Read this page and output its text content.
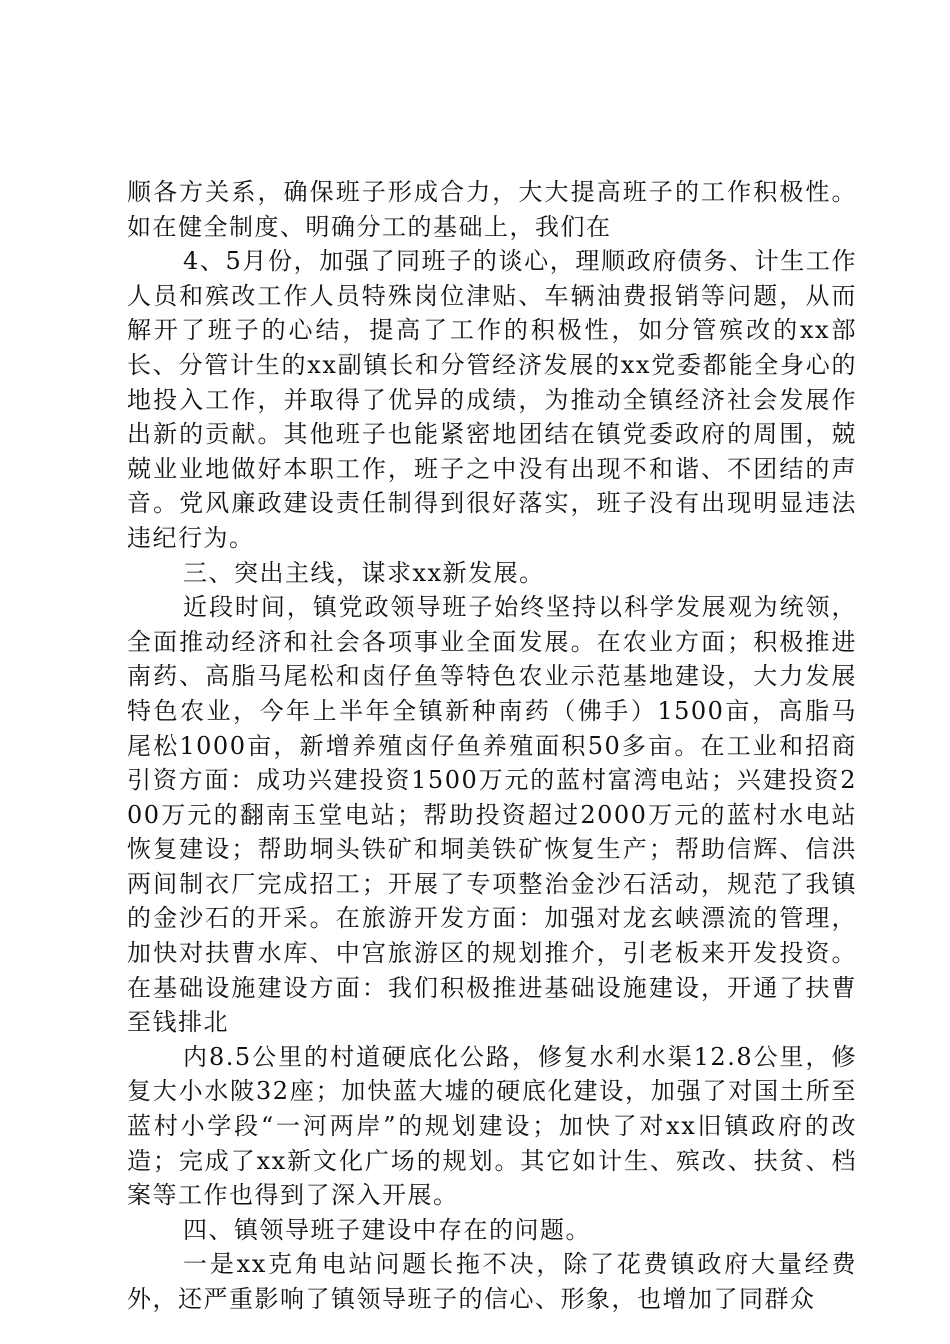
顺各方关系，确保班子形成合力，大大提高班子的工作积极性。如在健全制度、明确分工的基础上，我们在

4、5月份，加强了同班子的谈心，理顺政府债务、计生工作人员和殡改工作人员特殊岗位津贴、车辆油费报销等问题，从而解开了班子的心结，提高了工作的积极性，如分管殡改的xx部长、分管计生的xx副镇长和分管经济发展的xx党委都能全身心的地投入工作，并取得了优异的成绩，为推动全镇经济社会发展作出新的贡献。其他班子也能紧密地团结在镇党委政府的周围，兢兢业业地做好本职工作，班子之中没有出现不和谐、不团结的声音。党风廉政建设责任制得到很好落实，班子没有出现明显违法违纪行为。

三、突出主线，谋求xx新发展。

近段时间，镇党政领导班子始终坚持以科学发展观为统领，全面推动经济和社会各项事业全面发展。在农业方面；积极推进南药、高脂马尾松和卤仔鱼等特色农业示范基地建设，大力发展特色农业，今年上半年全镇新种南药（佛手）1500亩，高脂马尾松1000亩，新增养殖卤仔鱼养殖面积50多亩。在工业和招商引资方面：成功兴建投资1500万元的蓝村富湾电站；兴建投资200万元的翻南玉堂电站；帮助投资超过2000万元的蓝村水电站恢复建设；帮助垌头铁矿和垌美铁矿恢复生产；帮助信辉、信洪两间制衣厂完成招工；开展了专项整治金沙石活动，规范了我镇的金沙石的开采。在旅游开发方面：加强对龙玄峡漂流的管理，加快对扶曹水库、中宫旅游区的规划推介，引老板来开发投资。在基础设施建设方面：我们积极推进基础设施建设，开通了扶曹至钱排北

内8.5公里的村道硬底化公路，修复水利水渠12.8公里，修复大小水陂32座；加快蓝大墟的硬底化建设，加强了对国土所至蓝村小学段“一河两岸”的规划建设；加快了对xx旧镇政府的改造；完成了xx新文化广场的规划。其它如计生、殡改、扶贫、档案等工作也得到了深入开展。

四、镇领导班子建设中存在的问题。

一是xx克角电站问题长拖不决，除了花费镇政府大量经费外，还严重影响了镇领导班子的信心、形象，也增加了同群众
